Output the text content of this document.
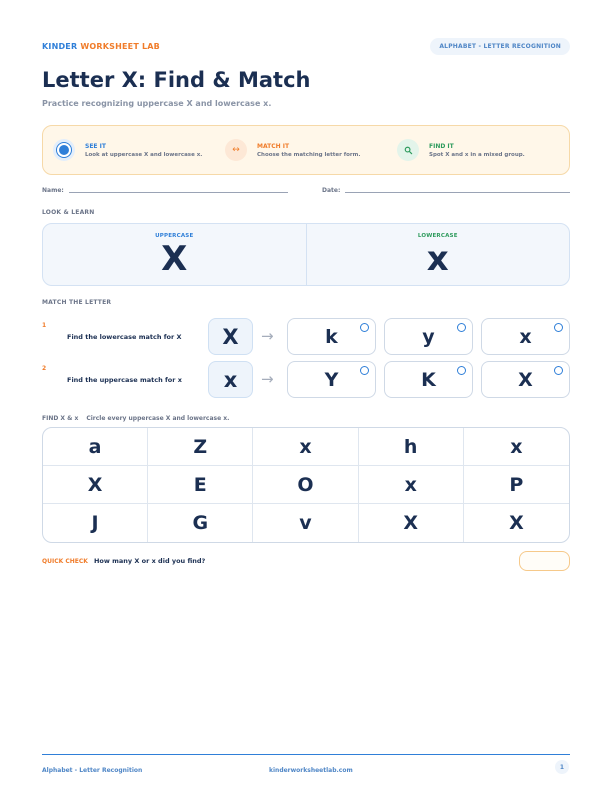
KINDER WORKSHEET LAB	ALPHABET - LETTER RECOGNITION
Letter X: Find & Match
Practice recognizing uppercase X and lowercase x.
SEE IT
Look at uppercase X and lowercase x.	↔	MATCH IT
Choose the matching letter form.
FIND IT
Spot X and x in a mixed group.
Name:	Date:
LOOK & LEARN
UPPERCASE
X
LOWERCASE
x
MATCH THE LETTER
1
Find the lowercase match for X	X	→	k	y	x
2
Find the uppercase match for x	x	→	Y	K	X
FIND X & x Circle every uppercase X and lowercase x.
a	Z	x	h	x
X	E	O	x	P
J	G	v	X	X
QUICK CHECK How many X or x did you find?
Alphabet - Letter Recognition	kinderworksheetlab.com	1
